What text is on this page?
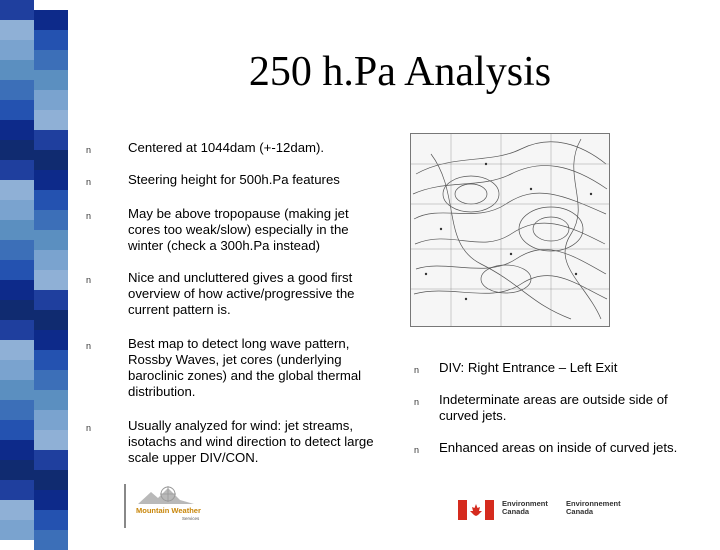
250 h.Pa Analysis
n	Centered at 1044dam (+-12dam).
n	Steering height for 500h.Pa features
n	May be above tropopause (making jet cores too weak/slow) especially in the winter (check a 300h.Pa instead)
n	Nice and uncluttered gives a good first overview of how active/progressive the current pattern is.
n	Best map to detect long wave pattern, Rossby Waves, jet cores (underlying baroclinic zones) and the global thermal distribution.
n	Usually analyzed for wind: jet streams, isotachs and wind direction to detect large scale upper DIV/CON.
n	DIV: Right Entrance – Left Exit
n	Indeterminate areas are outside side of curved jets.
n	Enhanced areas on inside of curved jets.
Mountain Weather
Services
Environment
Canada
Environnement
Canada
